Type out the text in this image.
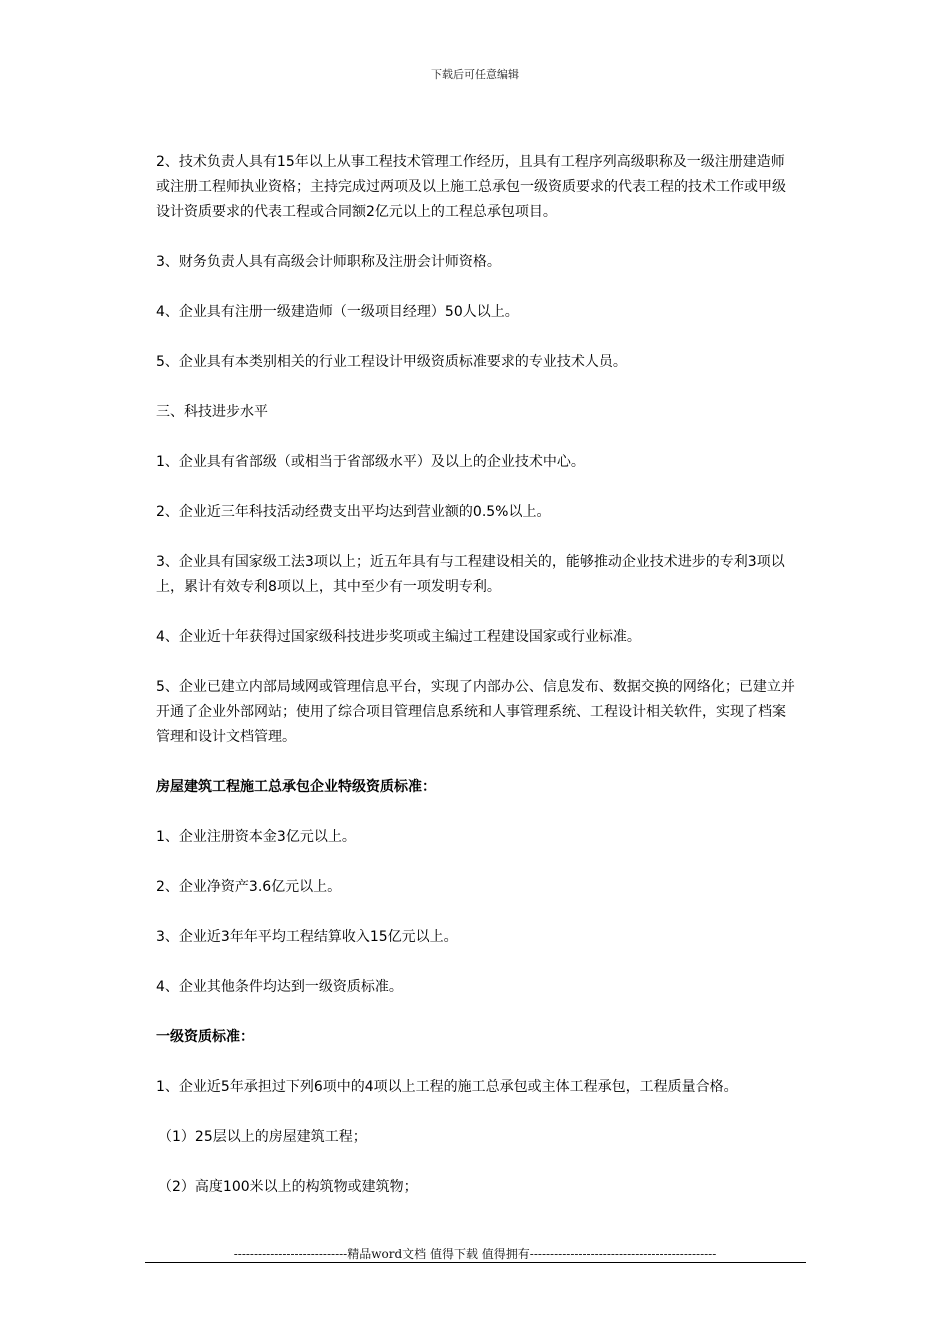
下载后可任意编辑

2、技术负责人具有15年以上从事工程技术管理工作经历，且具有工程序列高级职称及一级注册建造师或注册工程师执业资格；主持完成过两项及以上施工总承包一级资质要求的代表工程的技术工作或甲级设计资质要求的代表工程或合同额2亿元以上的工程总承包项目。

3、财务负责人具有高级会计师职称及注册会计师资格。

4、企业具有注册一级建造师（一级项目经理）50人以上。

5、企业具有本类别相关的行业工程设计甲级资质标准要求的专业技术人员。

三、科技进步水平

1、企业具有省部级（或相当于省部级水平）及以上的企业技术中心。

2、企业近三年科技活动经费支出平均达到营业额的0.5%以上。

3、企业具有国家级工法3项以上；近五年具有与工程建设相关的，能够推动企业技术进步的专利3项以上，累计有效专利8项以上，其中至少有一项发明专利。

4、企业近十年获得过国家级科技进步奖项或主编过工程建设国家或行业标准。

5、企业已建立内部局域网或管理信息平台，实现了内部办公、信息发布、数据交换的网络化；已建立并开通了企业外部网站；使用了综合项目管理信息系统和人事管理系统、工程设计相关软件，实现了档案管理和设计文档管理。

房屋建筑工程施工总承包企业特级资质标准：

1、企业注册资本金3亿元以上。

2、企业净资产3.6亿元以上。

3、企业近3年年平均工程结算收入15亿元以上。

4、企业其他条件均达到一级资质标准。

一级资质标准：

1、企业近5年承担过下列6项中的4项以上工程的施工总承包或主体工程承包，工程质量合格。

（1）25层以上的房屋建筑工程；

（2）高度100米以上的构筑物或建筑物；

----------------------------精品word文档 值得下载 值得拥有----------------------------------------------
